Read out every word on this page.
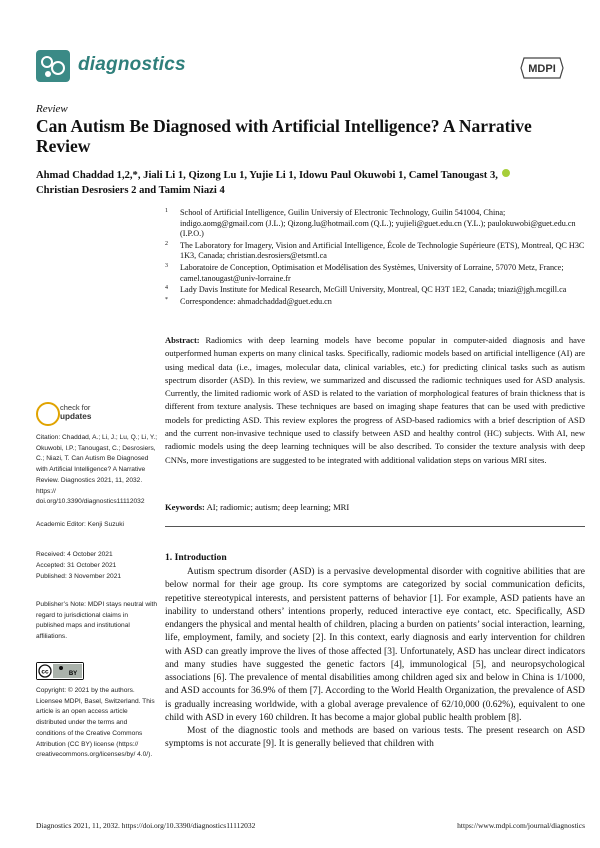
diagnostics	MDPI
Review
Can Autism Be Diagnosed with Artificial Intelligence? A Narrative Review
Ahmad Chaddad 1,2,*, Jiali Li 1, Qizong Lu 1, Yujie Li 1, Idowu Paul Okuwobi 1, Camel Tanougast 3,
Christian Desrosiers 2 and Tamim Niazi 4
1 School of Artificial Intelligence, Guilin Universiy of Electronic Technology, Guilin 541004, China; indigo.aomg@gmail.com (J.L.); Qizong.lu@hotmail.com (Q.L.); yujieli@guet.edu.cn (Y.L.); paulokuwobi@guet.edu.cn (I.P.O.)
2 The Laboratory for Imagery, Vision and Artificial Intelligence, École de Technologie Supérieure (ETS), Montreal, QC H3C 1K3, Canada; christian.desrosiers@etsmtl.ca
3 Laboratoire de Conception, Optimisation et Modélisation des Systèmes, University of Lorraine, 57070 Metz, France; camel.tanougast@univ-lorraine.fr
4 Lady Davis Institute for Medical Research, McGill University, Montreal, QC H3T 1E2, Canada; tniazi@jgh.mcgill.ca
* Correspondence: ahmadchaddad@guet.edu.cn
Abstract: Radiomics with deep learning models have become popular in computer-aided diagnosis and have outperformed human experts on many clinical tasks. Specifically, radiomic models based on artificial intelligence (AI) are using medical data (i.e., images, molecular data, clinical variables, etc.) for predicting clinical tasks such as autism spectrum disorder (ASD). In this review, we summarized and discussed the radiomic techniques used for ASD analysis. Currently, the limited radiomic work of ASD is related to the variation of morphological features of brain thickness that is different from texture analysis. These techniques are based on imaging shape features that can be used with predictive models for predicting ASD. This review explores the progress of ASD-based radiomics with a brief description of ASD and the current non-invasive technique used to classify between ASD and healthy control (HC) subjects. With AI, new radiomic models using the deep learning techniques will be also described. To consider the texture analysis with deep CNNs, more investigations are suggested to be integrated with additional validation steps on various MRI sites.
Keywords: AI; radiomic; autism; deep learning; MRI
check for
updates
Citation: Chaddad, A.; Li, J.; Lu, Q.; Li, Y.; Okuwobi, I.P.; Tanougast, C.; Desrosiers, C.; Niazi, T. Can Autism Be Diagnosed with Artificial Intelligence? A Narrative Review. Diagnostics 2021, 11, 2032. https:// doi.org/10.3390/diagnostics11112032
Academic Editor: Kenji Suzuki
Received: 4 October 2021
Accepted: 31 October 2021
Published: 3 November 2021
Publisher’s Note: MDPI stays neutral with regard to jurisdictional claims in published maps and institutional affiliations.
cc	BY
Copyright: © 2021 by the authors. Licensee MDPI, Basel, Switzerland. This article is an open access article distributed under the terms and conditions of the Creative Commons Attribution (CC BY) license (https:// creativecommons.org/licenses/by/ 4.0/).
1. Introduction

Autism spectrum disorder (ASD) is a pervasive developmental disorder with cognitive abilities that are below normal for their age group. Its core symptoms are categorized by social communication deficits, repetitive stereotypical interests, and persistent patterns of behavior [1]. For example, ASD patients have an inability to understand others’ intentions properly, reduced interactive eye contact, etc. Specifically, ASD endangers the physical and mental health of children, placing a burden on patients’ social interaction, learning, life, employment, family, and society [2]. In this context, early diagnosis and early intervention for children with ASD can greatly improve the lives of those affected [3]. Unfortunately, ASD has unclear direct indicators and many studies have suggested the genetic factors [4], immunological [5], and neuropsychological associations [6]. The prevalence of mental disabilities among children aged six and below in China is 1/1000, and ASD accounts for 36.9% of them [7]. According to the World Health Organization, the prevalence of ASD is gradually increasing worldwide, with a global average prevalence of 62/10,000 (0.62%), equivalent to one child with ASD in every 160 children. It has become a major global public health problem [8].

Most of the diagnostic tools and methods are based on various tests. The present research on ASD symptoms is not accurate [9]. It is generally believed that children with

Diagnostics 2021, 11, 2032. https://doi.org/10.3390/diagnostics11112032	https://www.mdpi.com/journal/diagnostics
